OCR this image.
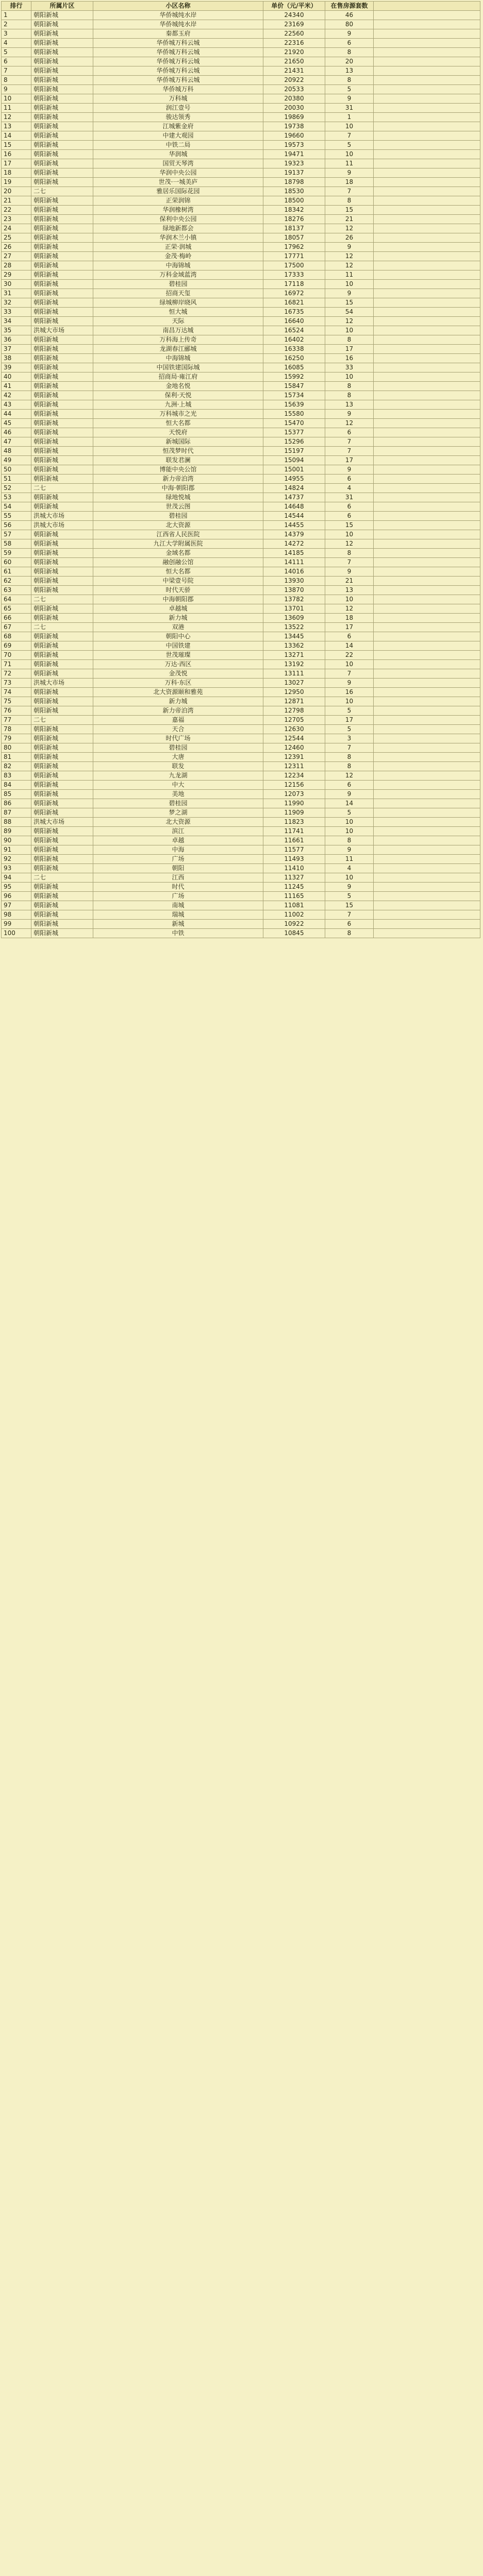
排行	所属片区	小区名称	单价（元/平米）	在售房源套数	
1	朝阳新城	华侨城纯水岸	24340	46	
2	朝阳新城	华侨城纯水岸	23169	80	
3	朝阳新城	秦都玉府	22560	9	
4	朝阳新城	华侨城万科云城	22316	6	
5	朝阳新城	华侨城万科云城	21920	8	
6	朝阳新城	华侨城万科云城	21650	20	
7	朝阳新城	华侨城万科云城	21431	13	
8	朝阳新城	华侨城万科云城	20922	8	
9	朝阳新城	华侨城万科	20533	5	
10	朝阳新城	万科城	20380	9	
11	朝阳新城	润江壹号	20030	31	
12	朝阳新城	骏达领秀	19869	1	
13	朝阳新城	江城紫金府	19738	10	
14	朝阳新城	中建大观园	19660	7	
15	朝阳新城	中铁二局	19573	5	
16	朝阳新城	华润城	19471	10	
17	朝阳新城	国贸天琴湾	19323	11	
18	朝阳新城	华润中央公园	19137	9	
19	朝阳新城	世茂·一城美庐	18798	18	
20	二七	雅居乐国际花园	18530	7	
21	朝阳新城	正荣润锦	18500	8	
22	朝阳新城	华润橡树湾	18342	15	
23	朝阳新城	保利中央公园	18276	21	
24	朝阳新城	绿地新都会	18137	12	
25	朝阳新城	华润木兰小镇	18057	26	
26	朝阳新城	正荣·润城	17962	9	
27	朝阳新城	金茂·梅岭	17771	12	
28	朝阳新城	中海锦城	17500	12	
29	朝阳新城	万科金域蓝湾	17333	11	
30	朝阳新城	碧桂园	17118	10	
31	朝阳新城	招商天玺	16972	9	
32	朝阳新城	绿城柳岸晓风	16821	15	
33	朝阳新城	恒大城	16735	54	
34	朝阳新城	天际	16640	12	
35	洪城大市场	南昌万达城	16524	10	
36	朝阳新城	万科海上传奇	16402	8	
37	朝阳新城	龙湖春江郦城	16338	17	
38	朝阳新城	中海锦城	16250	16	
39	朝阳新城	中国铁建国际城	16085	33	
40	朝阳新城	招商局·雍江府	15992	10	
41	朝阳新城	金地名悦	15847	8	
42	朝阳新城	保利·天悦	15734	8	
43	朝阳新城	九洲·上城	15639	13	
44	朝阳新城	万科城市之光	15580	9	
45	朝阳新城	恒大名都	15470	12	
46	朝阳新城	天悦府	15377	6	
47	朝阳新城	新城国际	15296	7	
48	朝阳新城	恒茂梦时代	15197	7	
49	朝阳新城	联发君澜	15094	17	
50	朝阳新城	博能中央公馆	15001	9	
51	朝阳新城	新力帝泊湾	14955	6	
52	二七	中海·朝阳郡	14824	4	
53	朝阳新城	绿地悦城	14737	31	
54	朝阳新城	世茂云图	14648	6	
55	洪城大市场	碧桂园	14544	6	
56	洪城大市场	北大资源	14455	15	
57	朝阳新城	江西省人民医院	14379	10	
58	朝阳新城	九江大学附属医院	14272	12	
59	朝阳新城	金域名都	14185	8	
60	朝阳新城	融创融公馆	14111	7	
61	朝阳新城	恒大名都	14016	9	
62	朝阳新城	中梁壹号院	13930	21	
63	朝阳新城	时代天骄	13870	13	
64	二七	中海朝阳郡	13782	10	
65	朝阳新城	卓越城	13701	12	
66	朝阳新城	新力城	13609	18	
67	二七	双港	13522	17	
68	朝阳新城	朝阳中心	13445	6	
69	朝阳新城	中国铁建	13362	14	
70	朝阳新城	世茂璀璨	13271	22	
71	朝阳新城	万达·西区	13192	10	
72	朝阳新城	金茂悦	13111	7	
73	洪城大市场	万科·东区	13027	9	
74	朝阳新城	北大资源颐和雅苑	12950	16	
75	朝阳新城	新力城	12871	10	
76	朝阳新城	新力帝泊湾	12798	5	
77	二七	嘉福	12705	17	
78	朝阳新城	天合	12630	5	
79	朝阳新城	时代广场	12544	3	
80	朝阳新城	碧桂园	12460	7	
81	朝阳新城	大唐	12391	8	
82	朝阳新城	联发	12311	8	
83	朝阳新城	九龙湖	12234	12	
84	朝阳新城	中大	12156	6	
85	朝阳新城	美地	12073	9	
86	朝阳新城	碧桂园	11990	14	
87	朝阳新城	梦之湖	11909	5	
88	洪城大市场	北大资源	11823	10	
89	朝阳新城	滨江	11741	10	
90	朝阳新城	卓越	11661	8	
91	朝阳新城	中海	11577	9	
92	朝阳新城	广场	11493	11	
93	朝阳新城	朝阳	11410	4	
94	二七	江西	11327	10	
95	朝阳新城	时代	11245	9	
96	朝阳新城	广场	11165	5	
97	朝阳新城	南城	11081	15	
98	朝阳新城	瑞城	11002	7	
99	朝阳新城	新城	10922	6	
100	朝阳新城	中铁	10845	8	
